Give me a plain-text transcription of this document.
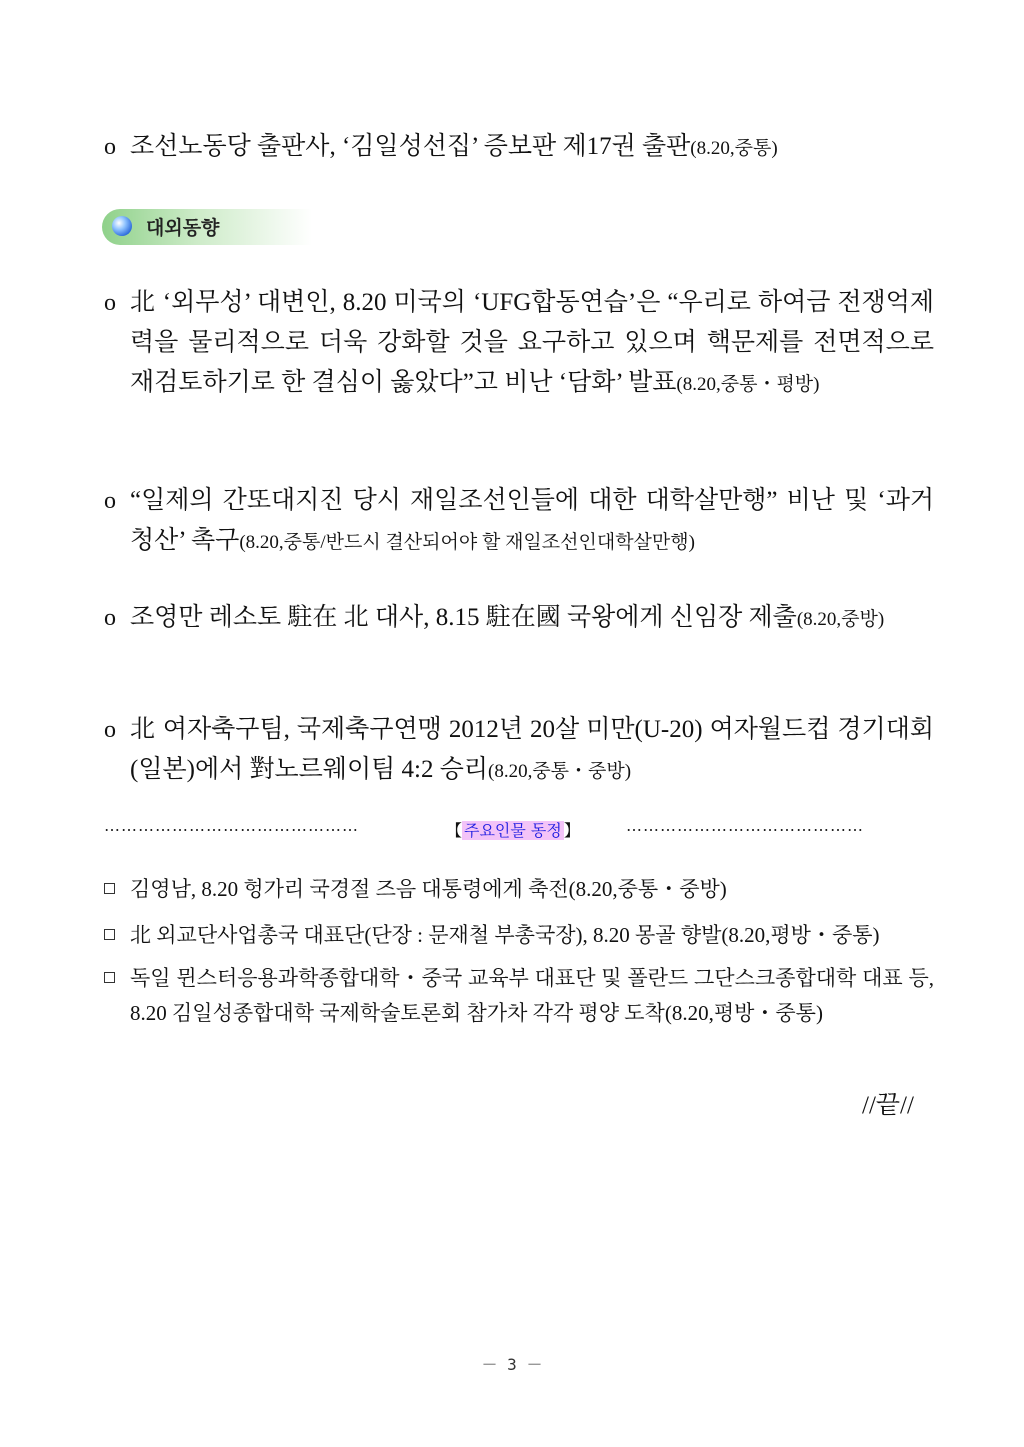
o 조선노동당 출판사, ‘김일성선집’ 증보판 제17권 출판(8.20,중통)
대외동향
o 北 ‘외무성’ 대변인, 8.20 미국의 ‘UFG합동연습’은 “우리로 하여금 전쟁억제력을 물리적으로 더욱 강화할 것을 요구하고 있으며 핵문제를 전면적으로 재검토하기로 한 결심이 옳았다”고 비난 ‘담화’ 발표(8.20,중통・평방)
o “일제의 간또대지진 당시 재일조선인들에 대한 대학살만행” 비난 및 ‘과거청산’ 촉구(8.20,중통/반드시 결산되어야 할 재일조선인대학살만행)
o 조영만 레소토 駐在 北 대사, 8.15 駐在國 국왕에게 신임장 제출(8.20,중방)
o 北 여자축구팀, 국제축구연맹 2012년 20살 미만(U-20) 여자월드컵 경기대회(일본)에서 對노르웨이팀 4:2 승리(8.20,중통・중방)
………………………………………	【 주요인물 동정 】	……………………………………
김영남, 8.20 헝가리 국경절 즈음 대통령에게 축전(8.20,중통・중방)
北 외교단사업총국 대표단(단장 : 문재철 부총국장), 8.20 몽골 향발(8.20,평방・중통)
독일 뮌스터응용과학종합대학・중국 교육부 대표단 및 폴란드 그단스크종합대학 대표 등, 8.20 김일성종합대학 국제학술토론회 참가차 각각 평양 도착(8.20,평방・중통)
//끝//
－ 3 －
